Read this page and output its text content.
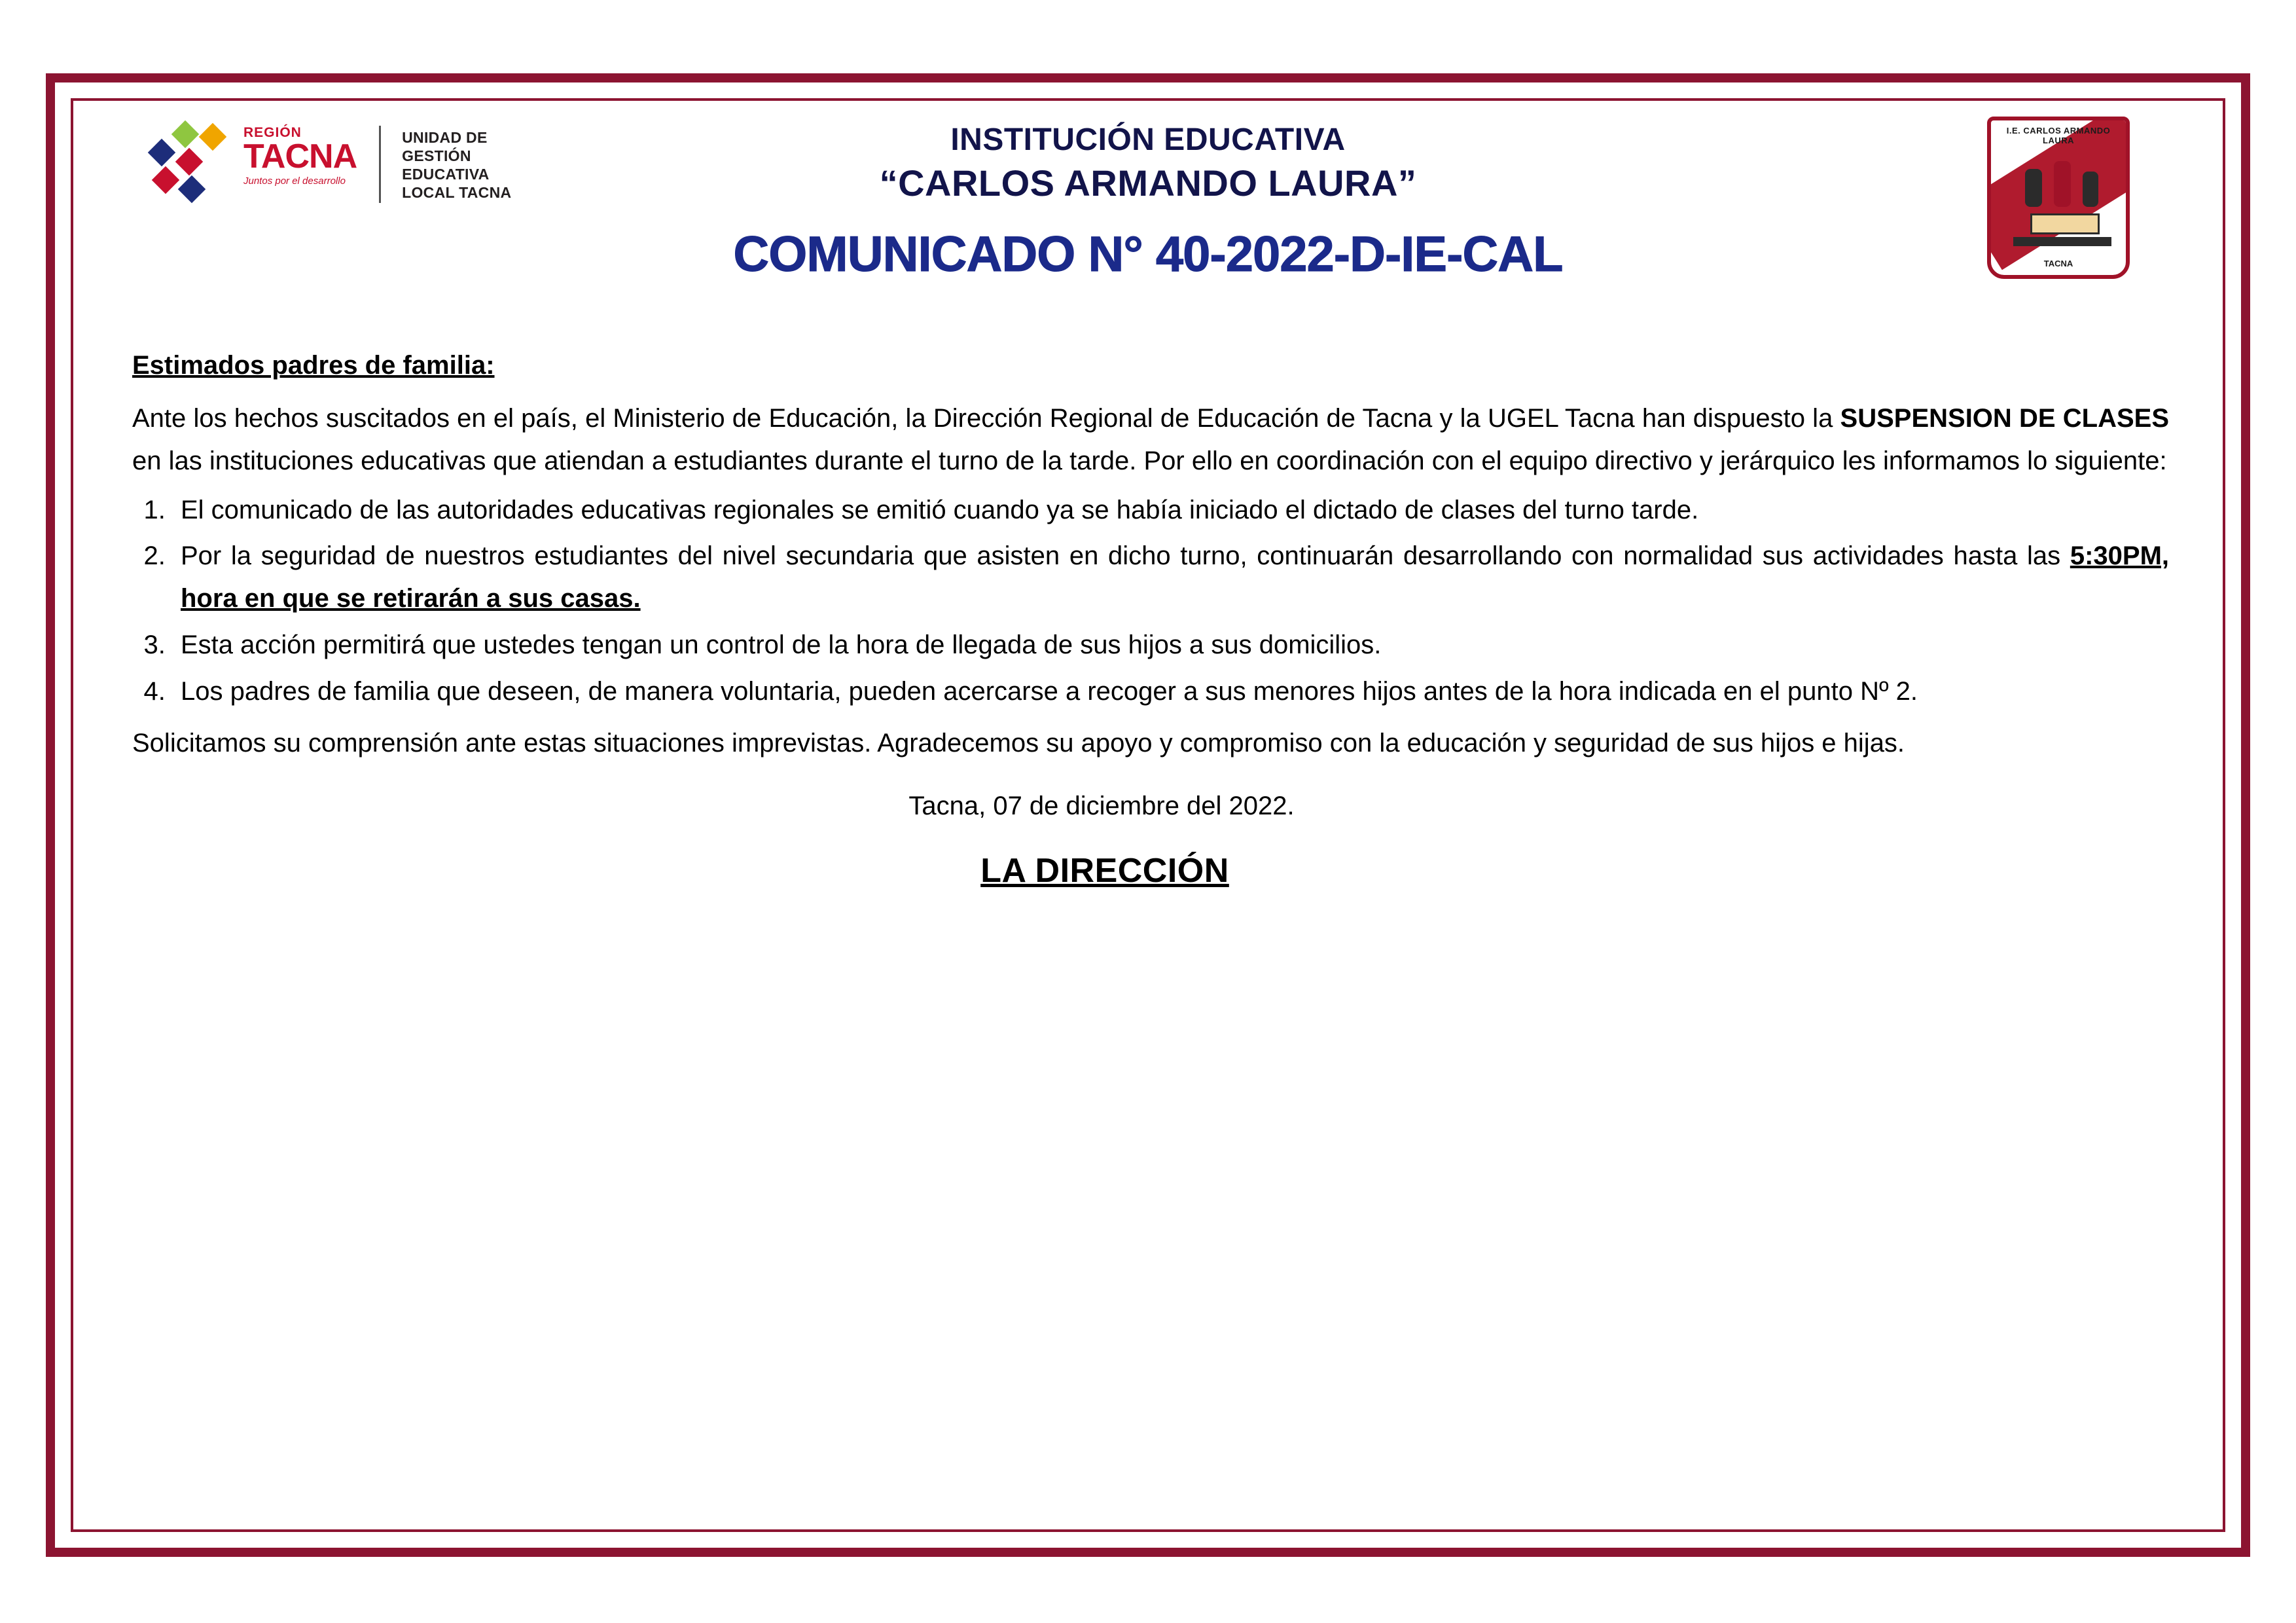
REGIÓN
TACNA
Juntos por el desarrollo
UNIDAD DE
GESTIÓN
EDUCATIVA
LOCAL TACNA
INSTITUCIÓN EDUCATIVA
“CARLOS ARMANDO LAURA”
COMUNICADO N° 40-2022-D-IE-CAL
I.E. CARLOS ARMANDO LAURA
TACNA
Estimados padres de familia:

Ante los hechos suscitados en el país, el Ministerio de Educación, la Dirección Regional de Educación de Tacna y la UGEL Tacna han dispuesto la SUSPENSION DE CLASES en las instituciones educativas que atiendan a estudiantes durante el turno de la tarde. Por ello en coordinación con el equipo directivo y jerárquico les informamos lo siguiente:

1. El comunicado de las autoridades educativas regionales se emitió cuando ya se había iniciado el dictado de clases del turno tarde.
2. Por la seguridad de nuestros estudiantes del nivel secundaria que asisten en dicho turno, continuarán desarrollando con normalidad sus actividades hasta las 5:30PM, hora en que se retirarán a sus casas.
3. Esta acción permitirá que ustedes tengan un control de la hora de llegada de sus hijos a sus domicilios.
4. Los padres de familia que deseen, de manera voluntaria, pueden acercarse a recoger a sus menores hijos antes de la hora indicada en el punto Nº 2.

Solicitamos su comprensión ante estas situaciones imprevistas. Agradecemos su apoyo y compromiso con la educación y seguridad de sus hijos e hijas.

Tacna, 07 de diciembre del 2022.
LA DIRECCIÓN
